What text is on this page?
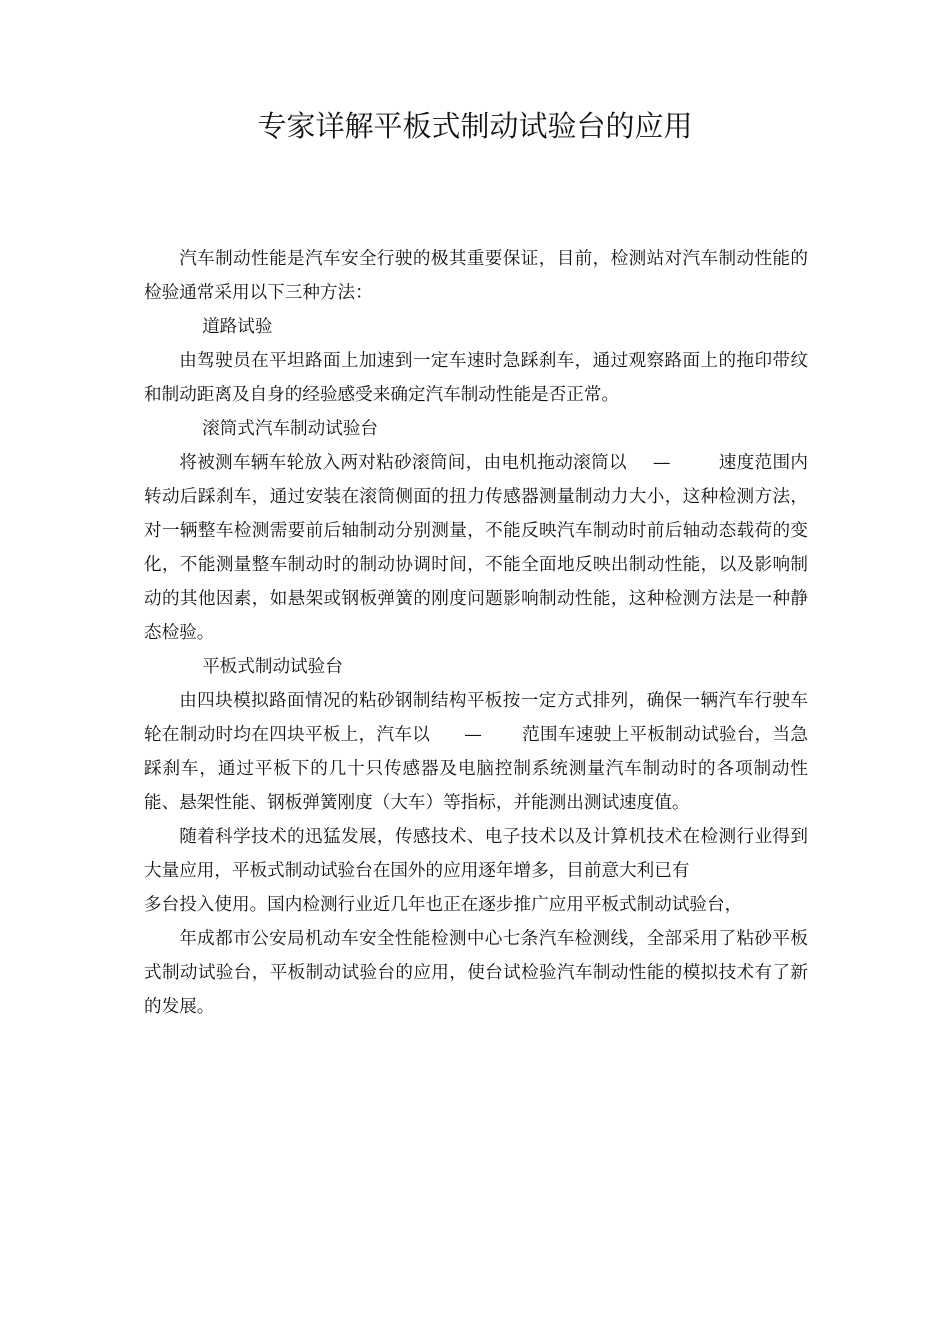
专家详解平板式制动试验台的应用

汽车制动性能是汽车安全行驶的极其重要保证，目前，检测站对汽车制动性能的检验通常采用以下三种方法：

道路试验

由驾驶员在平坦路面上加速到一定车速时急踩刹车，通过观察路面上的拖印带纹和制动距离及自身的经验感受来确定汽车制动性能是否正常。

滚筒式汽车制动试验台

将被测车辆车轮放入两对粘砂滚筒间，由电机拖动滚筒以 —	速度范围内转动后踩刹车，通过安装在滚筒侧面的扭力传感器测量制动力大小，这种检测方法，对一辆整车检测需要前后轴制动分别测量，不能反映汽车制动时前后轴动态载荷的变化，不能测量整车制动时的制动协调时间，不能全面地反映出制动性能，以及影响制动的其他因素，如悬架或钢板弹簧的刚度问题影响制动性能，这种检测方法是一种静态检验。

平板式制动试验台

由四块模拟路面情况的粘砂钢制结构平板按一定方式排列，确保一辆汽车行驶车轮在制动时均在四块平板上，汽车以 — 范围车速驶上平板制动试验台，当急踩刹车，通过平板下的几十只传感器及电脑控制系统测量汽车制动时的各项制动性能、悬架性能、钢板弹簧刚度（大车）等指标，并能测出测试速度值。

随着科学技术的迅猛发展，传感技术、电子技术以及计算机技术在检测行业得到大量应用，平板式制动试验台在国外的应用逐年增多，目前意大利已有

多台投入使用。国内检测行业近几年也正在逐步推广应用平板式制动试验台，

年成都市公安局机动车安全性能检测中心七条汽车检测线，全部采用了粘砂平板式制动试验台，平板制动试验台的应用，使台试检验汽车制动性能的模拟技术有了新的发展。
